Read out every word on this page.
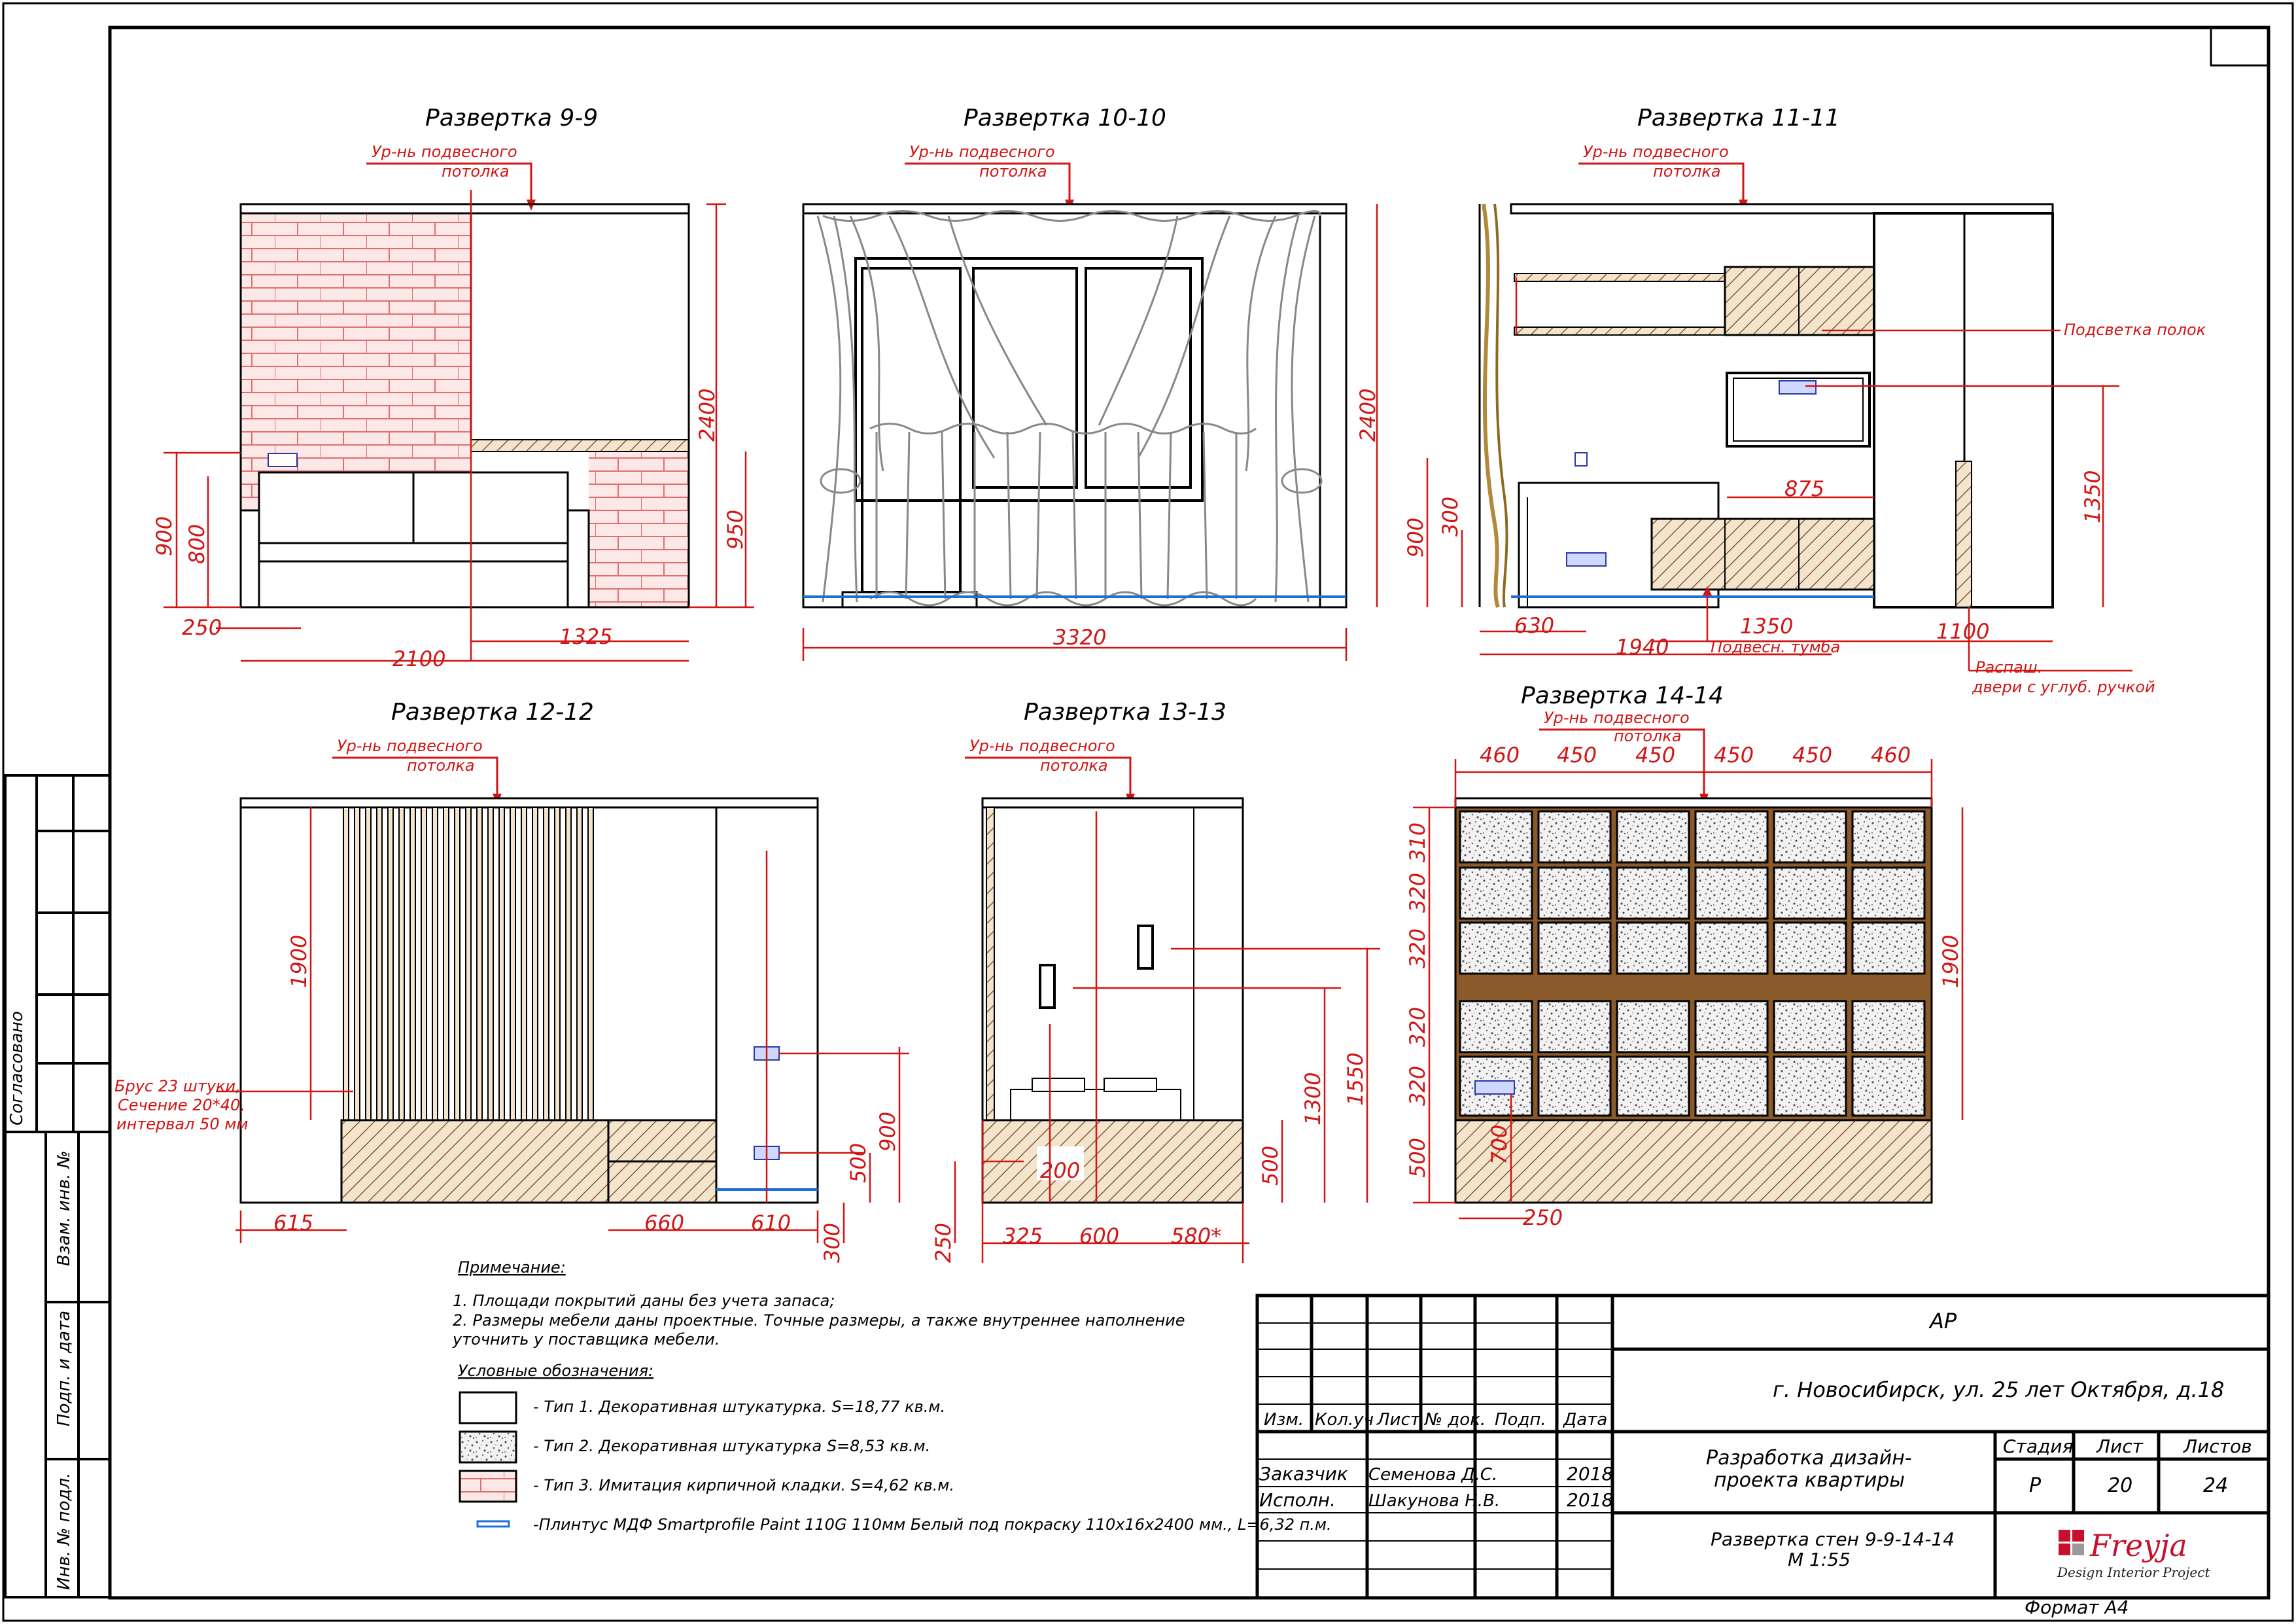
Согласовано
Взам. инв. №
Подп. и дата
Инв. № подл.
Развертка 9-9
Ур-нь подвесного
потолка
2400
950
900 800
250
2100
1325
Развертка 10-10
Ур-нь подвесного
потолка
2400
3320
Развертка 11-11
Ур-нь подвесного
потолка
Подсветка полок
Подвесн. тумба
Распаш.
двери с углуб. ручкой
875	1350
900
300
630
1940
1350	1100
Развертка 12-12
Ур-нь подвесного
потолка
Брус 23 штуки,
Сечение 20*40,
интервал 50 мм
1900
900
500
300
615	660	610
Развертка 13-13
Ур-нь подвесного
потолка
1550
1300
500
250
200
325 600 580*
Развертка 14-14
Ур-нь подвесного
потолка
460 450 450 450 450 460
310
320
320
320
320
500
1900
700
250
Примечание:
1. Площади покрытий даны без учета запаса;
2. Размеры мебели даны проектные. Точные размеры, а также внутреннее наполнение
уточнить у поставщика мебели.
Условные обозначения:
- Тип 1. Декоративная штукатурка. S=18,77 кв.м.
- Тип 2. Декоративная штукатурка S=8,53 кв.м.
- Тип 3. Имитация кирпичной кладки. S=4,62 кв.м.
-Плинтус МДФ Smartprofile Paint 110G 110мм Белый под покраску 110х16х2400 мм., L=6,32 п.м.
Изм. Кол.уч Лист № док. Подп. Дата
Заказчик Семенова Д.С.	2018
Исполн. Шакунова Н.В.	2018
АР
г. Новосибирск, ул. 25 лет Октября, д.18
Разработка дизайн-
проекта квартиры
Стадия Лист Листов
Р	20	24
Развертка стен 9-9-14-14
М 1:55	Freyja
Design Interior Project
Формат А4
